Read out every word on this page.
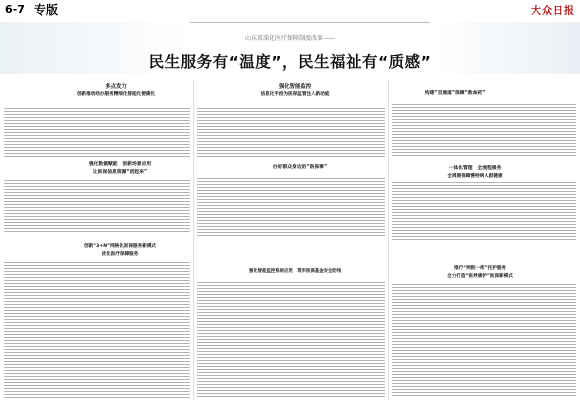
6-7 专版	大众日报
山东省深化医疗保障制度改革——
民生服务有“温度”，民生福祉有“质感”
多点发力
创新推动经办服务精细化智能化便捷化
强化智能监控
信息化手段为医保监管注入新动能	构建“双通道”保障“救命药”
强化数据赋能　创新场景应用
让医保信息资源“活起来”
办好群众身边的“医保事”	一体化管理　全流程服务
全周期保障慢特病人群健康
创新“3+N”网格化医保服务新模式
优化医疗保障服务
强化智能监控系统应用　筑牢医保基金安全防线
推行“两院一库”托护服务
全力打造“医养康护”医保新模式
